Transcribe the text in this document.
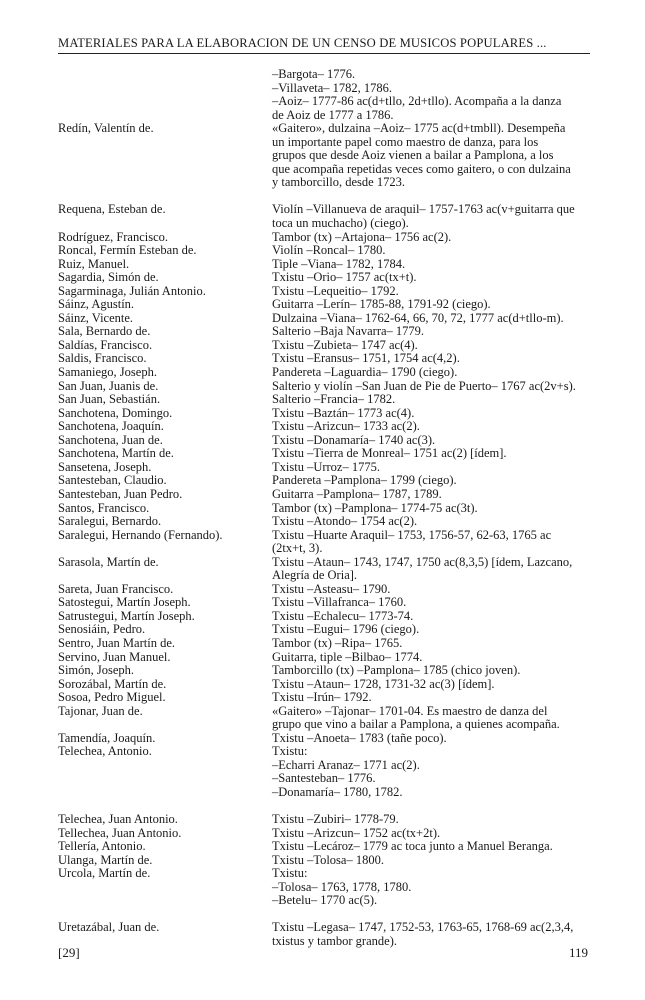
MATERIALES PARA LA ELABORACION DE UN CENSO DE MUSICOS POPULARES ...
–Bargota– 1776.
–Villaveta– 1782, 1786.
–Aoiz– 1777-86 ac(d+tllo, 2d+tllo). Acompaña a la danza
de Aoiz de 1777 a 1786.
Redín, Valentín de.	«Gaitero», dulzaina –Aoiz– 1775 ac(d+tmbll). Desempeña
un importante papel como maestro de danza, para los
grupos que desde Aoiz vienen a bailar a Pamplona, a los
que acompaña repetidas veces como gaitero, o con dulzaina
y tamborcillo, desde 1723.
Requena, Esteban de.	Violín –Villanueva de araquil– 1757-1763 ac(v+guitarra que
toca un muchacho) (ciego).
Rodríguez, Francisco.	Tambor (tx) –Artajona– 1756 ac(2).
Roncal, Fermín Esteban de.	Violín –Roncal– 1780.
Ruiz, Manuel.	Tiple –Viana– 1782, 1784.
Sagardia, Simón de.	Txistu –Orio– 1757 ac(tx+t).
Sagarminaga, Julián Antonio.	Txistu –Lequeitio– 1792.
Sáinz, Agustín.	Guitarra –Lerín– 1785-88, 1791-92 (ciego).
Sáinz, Vicente.	Dulzaina –Viana– 1762-64, 66, 70, 72, 1777 ac(d+tllo-m).
Sala, Bernardo de.	Salterio –Baja Navarra– 1779.
Saldías, Francisco.	Txistu –Zubieta– 1747 ac(4).
Saldis, Francisco.	Txistu –Eransus– 1751, 1754 ac(4,2).
Samaniego, Joseph.	Pandereta –Laguardia– 1790 (ciego).
San Juan, Juanis de.	Salterio y violín –San Juan de Pie de Puerto– 1767 ac(2v+s).
San Juan, Sebastián.	Salterio –Francia– 1782.
Sanchotena, Domingo.	Txistu –Baztán– 1773 ac(4).
Sanchotena, Joaquín.	Txistu –Arizcun– 1733 ac(2).
Sanchotena, Juan de.	Txistu –Donamaría– 1740 ac(3).
Sanchotena, Martín de.	Txistu –Tierra de Monreal– 1751 ac(2) [ídem].
Sansetena, Joseph.	Txistu –Urroz– 1775.
Santesteban, Claudio.	Pandereta –Pamplona– 1799 (ciego).
Santesteban, Juan Pedro.	Guitarra –Pamplona– 1787, 1789.
Santos, Francisco.	Tambor (tx) –Pamplona– 1774-75 ac(3t).
Saralegui, Bernardo.	Txistu –Atondo– 1754 ac(2).
Saralegui, Hernando (Fernando).	Txistu –Huarte Araquil– 1753, 1756-57, 62-63, 1765 ac
(2tx+t, 3).
Sarasola, Martín de.	Txistu –Ataun– 1743, 1747, 1750 ac(8,3,5) [ídem, Lazcano,
Alegría de Oria].
Sareta, Juan Francisco.	Txistu –Asteasu– 1790.
Satostegui, Martín Joseph.	Txistu –Villafranca– 1760.
Satrustegui, Martín Joseph.	Txistu –Echalecu– 1773-74.
Senosiáin, Pedro.	Txistu –Eugui– 1796 (ciego).
Sentro, Juan Martín de.	Tambor (tx) –Ripa– 1765.
Servino, Juan Manuel.	Guitarra, tiple –Bilbao– 1774.
Simón, Joseph.	Tamborcillo (tx) –Pamplona– 1785 (chico joven).
Sorozábal, Martín de.	Txistu –Ataun– 1728, 1731-32 ac(3) [ídem].
Sosoa, Pedro Miguel.	Txistu –Irún– 1792.
Tajonar, Juan de.	«Gaitero» –Tajonar– 1701-04. Es maestro de danza del
grupo que vino a bailar a Pamplona, a quienes acompaña.
Tamendía, Joaquín.	Txistu –Anoeta– 1783 (tañe poco).
Telechea, Antonio.	Txistu:
–Echarri Aranaz– 1771 ac(2).
–Santesteban– 1776.
–Donamaría– 1780, 1782.
Telechea, Juan Antonio.	Txistu –Zubiri– 1778-79.
Tellechea, Juan Antonio.	Txistu –Arizcun– 1752 ac(tx+2t).
Tellería, Antonio.	Txistu –Lecároz– 1779 ac toca junto a Manuel Beranga.
Ulanga, Martín de.	Txistu –Tolosa– 1800.
Urcola, Martín de.	Txistu:
–Tolosa– 1763, 1778, 1780.
–Betelu– 1770 ac(5).
Uretazábal, Juan de.	Txistu –Legasa– 1747, 1752-53, 1763-65, 1768-69 ac(2,3,4,
txistus y tambor grande).
[29]	119
